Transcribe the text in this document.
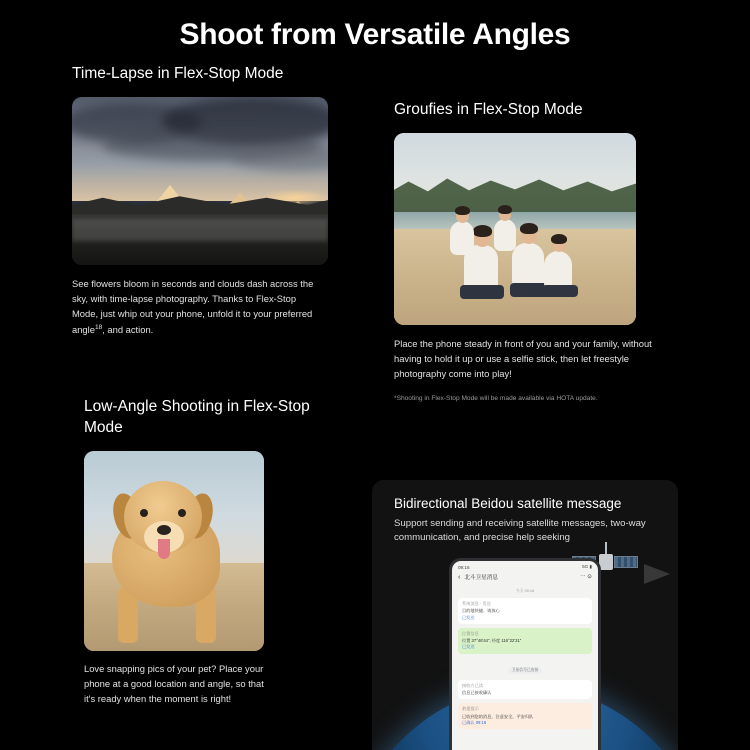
Shoot from Versatile Angles
Time-Lapse in Flex-Stop Mode
See flowers bloom in seconds and clouds dash across the sky, with time-lapse photography. Thanks to Flex-Stop Mode, just whip out your phone, unfold it to your preferred angle$^{18}$, and action.
Groufies in Flex-Stop Mode
Place the phone steady in front of you and your family, without having to hold it up or use a selfie stick, then let freestyle photography come into play!
*Shooting in Flex-Stop Mode will be made available via HOTA update.
Low-Angle Shooting in Flex-Stop Mode
Love snapping pics of your pet? Place your phone at a good location and angle, so that it's ready when the moment is right!
Bidirectional Beidou satellite message
Support sending and receiving satellite messages, two-way communication, and precise help seeking
09:16	5G ▮
‹ 北斗卫星消息	⋯ ⊙
今天 09:16
系统消息 · 发送
目的地快捷、请放心
已发送
位置信息
位置 37°46'44", 经度 116°22'31"
已发送
卫星信号已连接
接收方已读
信息已接收确认
救援提示
已收到您的消息，注意安全，平安归队
已确认 09:16
